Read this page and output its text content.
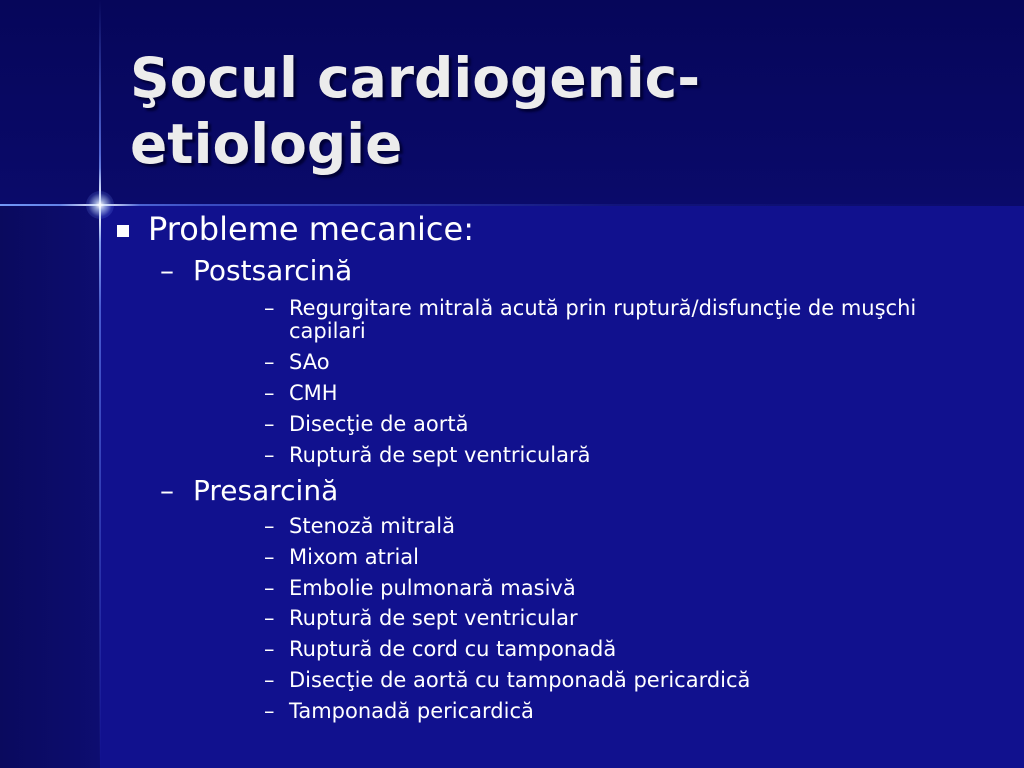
Şocul cardiogenic-
etiologie
Probleme mecanice:
– Postsarcină
– Regurgitare mitrală acută prin ruptură/disfuncţie de muşchi capilari
– SAo
– CMH
– Disecţie de aortă
– Ruptură de sept ventriculară
– Presarcină
– Stenoză mitrală
– Mixom atrial
– Embolie pulmonară masivă
– Ruptură de sept ventricular
– Ruptură de cord cu tamponadă
– Disecţie de aortă cu tamponadă pericardică
– Tamponadă pericardică
